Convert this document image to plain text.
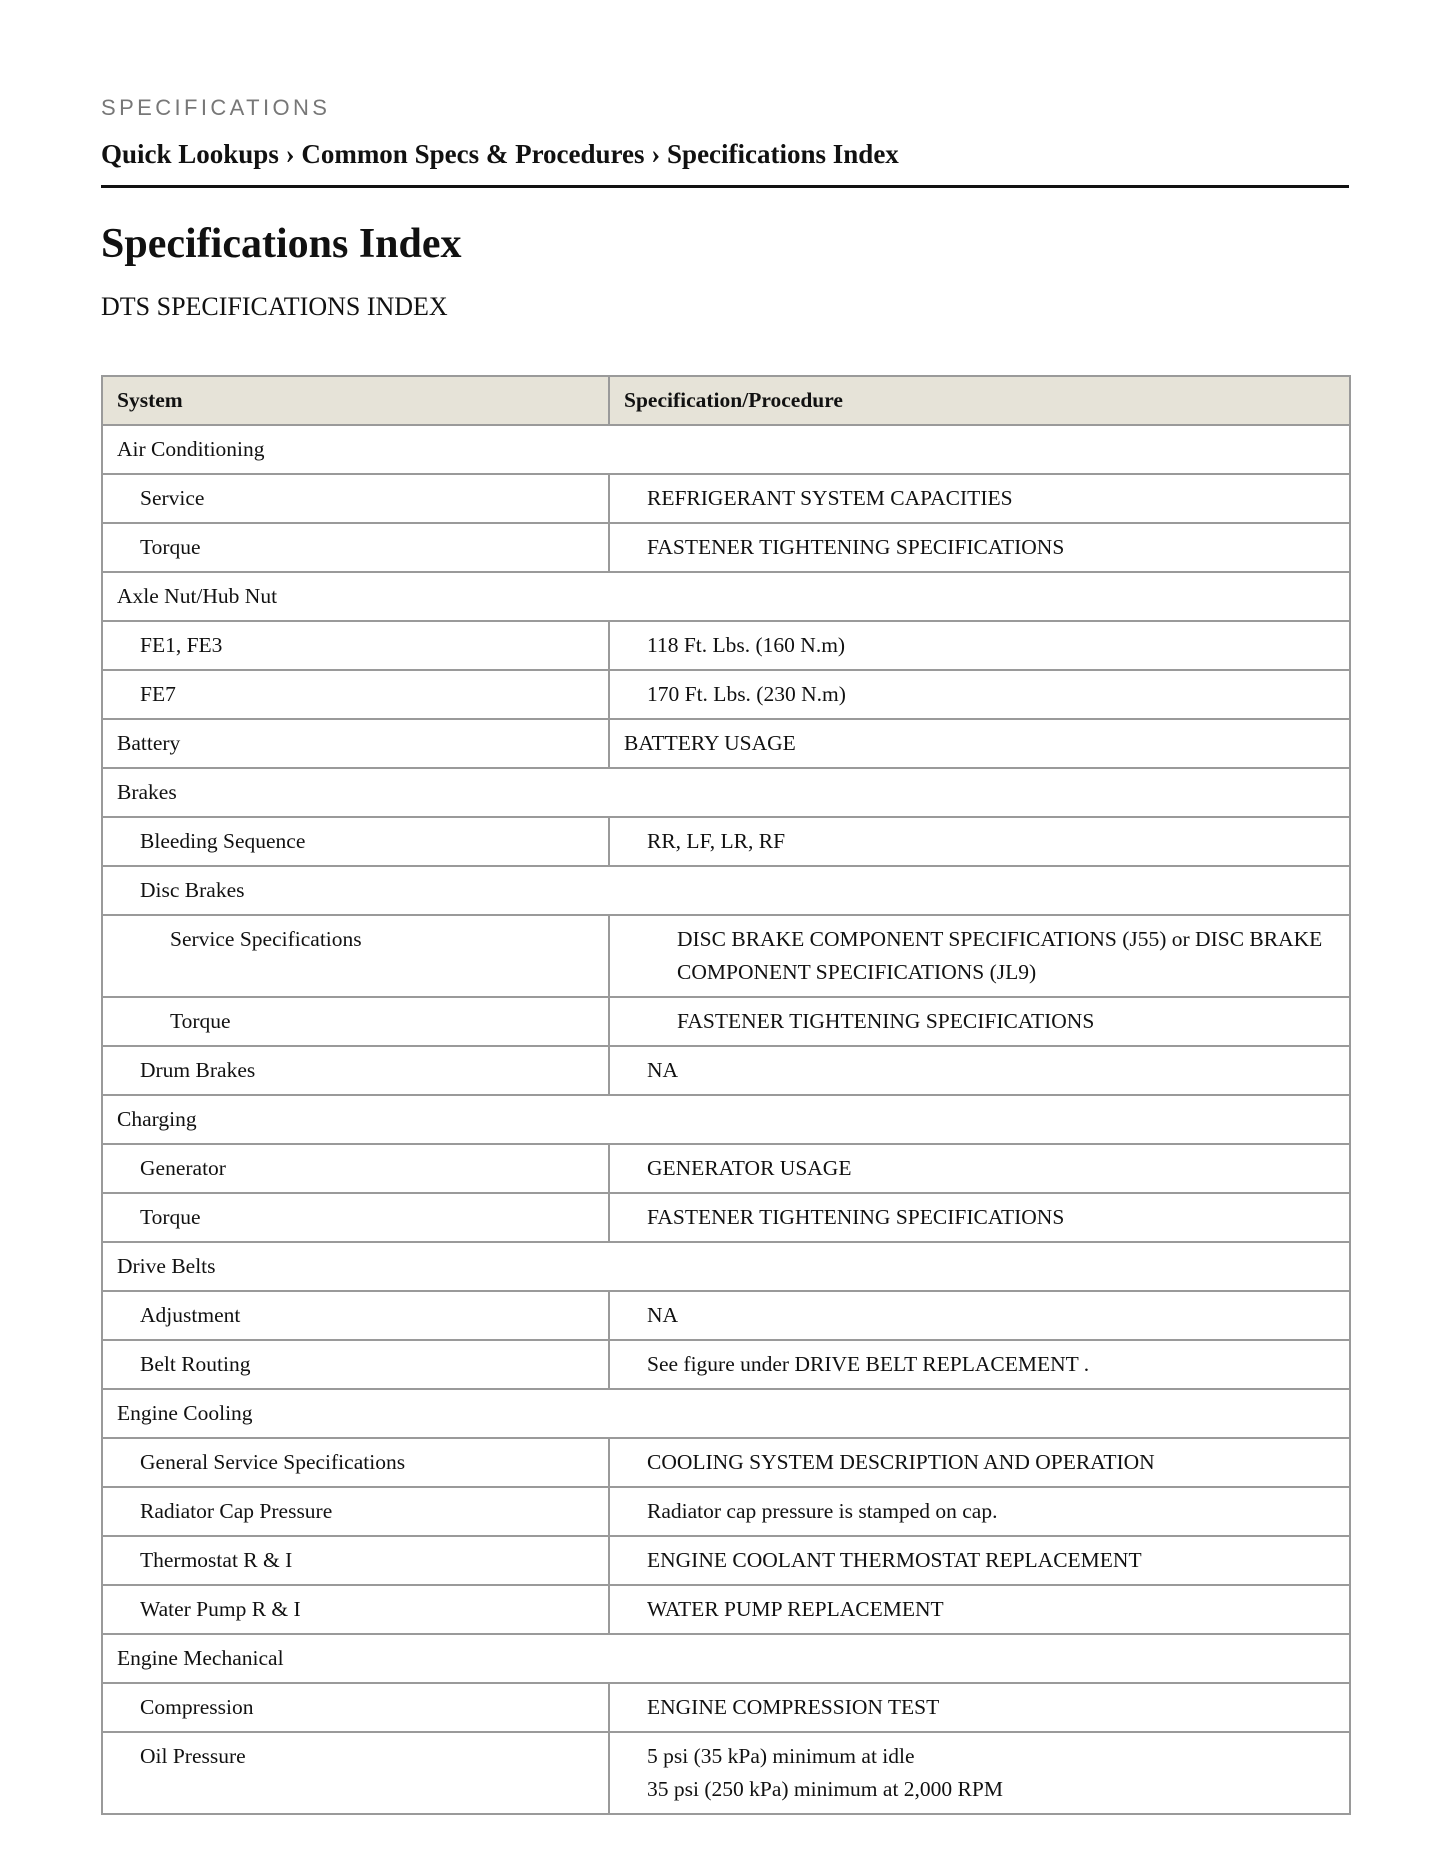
SPECIFICATIONS
Quick Lookups › Common Specs & Procedures › Specifications Index
Specifications Index
DTS SPECIFICATIONS INDEX
System	Specification/Procedure
Air Conditioning	
Service	REFRIGERANT SYSTEM CAPACITIES
Torque	FASTENER TIGHTENING SPECIFICATIONS
Axle Nut/Hub Nut	
FE1, FE3	118 Ft. Lbs. (160 N.m)
FE7	170 Ft. Lbs. (230 N.m)
Battery	BATTERY USAGE
Brakes	
Bleeding Sequence	RR, LF, LR, RF
Disc Brakes	
Service Specifications	DISC BRAKE COMPONENT SPECIFICATIONS (J55) or DISC BRAKE COMPONENT SPECIFICATIONS (JL9)
Torque	FASTENER TIGHTENING SPECIFICATIONS
Drum Brakes	NA
Charging	
Generator	GENERATOR USAGE
Torque	FASTENER TIGHTENING SPECIFICATIONS
Drive Belts	
Adjustment	NA
Belt Routing	See figure under DRIVE BELT REPLACEMENT .
Engine Cooling	
General Service Specifications	COOLING SYSTEM DESCRIPTION AND OPERATION
Radiator Cap Pressure	Radiator cap pressure is stamped on cap.
Thermostat R & I	ENGINE COOLANT THERMOSTAT REPLACEMENT
Water Pump R & I	WATER PUMP REPLACEMENT
Engine Mechanical	
Compression	ENGINE COMPRESSION TEST
Oil Pressure	5 psi (35 kPa) minimum at idle
35 psi (250 kPa) minimum at 2,000 RPM
